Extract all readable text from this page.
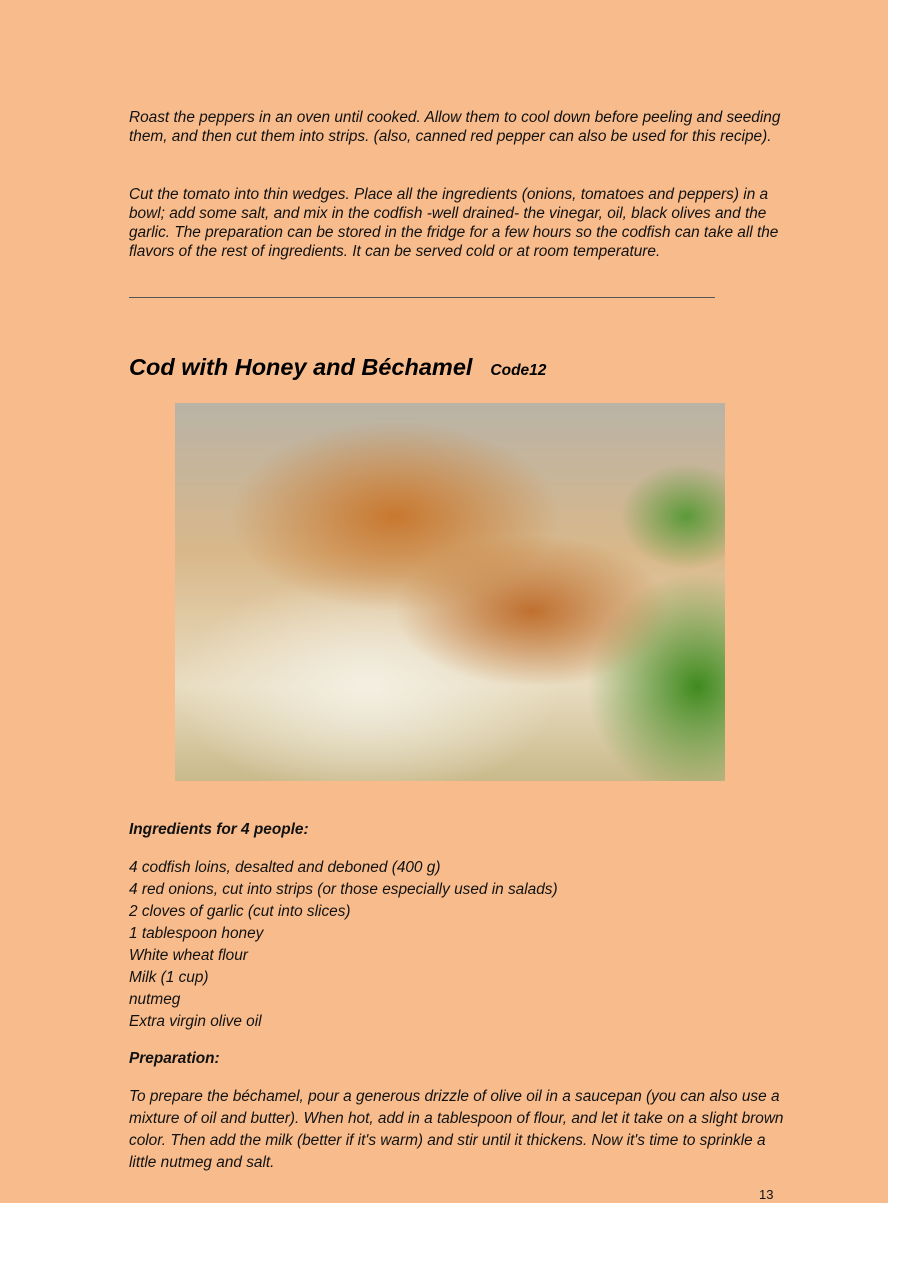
Roast the peppers in an oven until cooked. Allow them to cool down before peeling and seeding them, and then cut them into strips. (also, canned red pepper can also be used for this recipe).

Cut the tomato into thin wedges. Place all the ingredients (onions, tomatoes and peppers) in a bowl; add some salt, and mix in the codfish -well drained- the vinegar, oil, black olives and the garlic. The preparation can be stored in the fridge for a few hours so the codfish can take all the flavors of the rest of ingredients. It can be served cold or at room temperature.

Cod with Honey and Béchamel Code12

Ingredients for 4 people:

4 codfish loins, desalted and deboned (400 g)
4 red onions, cut into strips (or those especially used in salads)
2 cloves of garlic (cut into slices)
1 tablespoon honey
White wheat flour
Milk (1 cup)
nutmeg
Extra virgin olive oil

Preparation:

To prepare the béchamel, pour a generous drizzle of olive oil in a saucepan (you can also use a mixture of oil and butter). When hot, add in a tablespoon of flour, and let it take on a slight brown color. Then add the milk (better if it's warm) and stir until it thickens. Now it's time to sprinkle a little nutmeg and salt.

13
